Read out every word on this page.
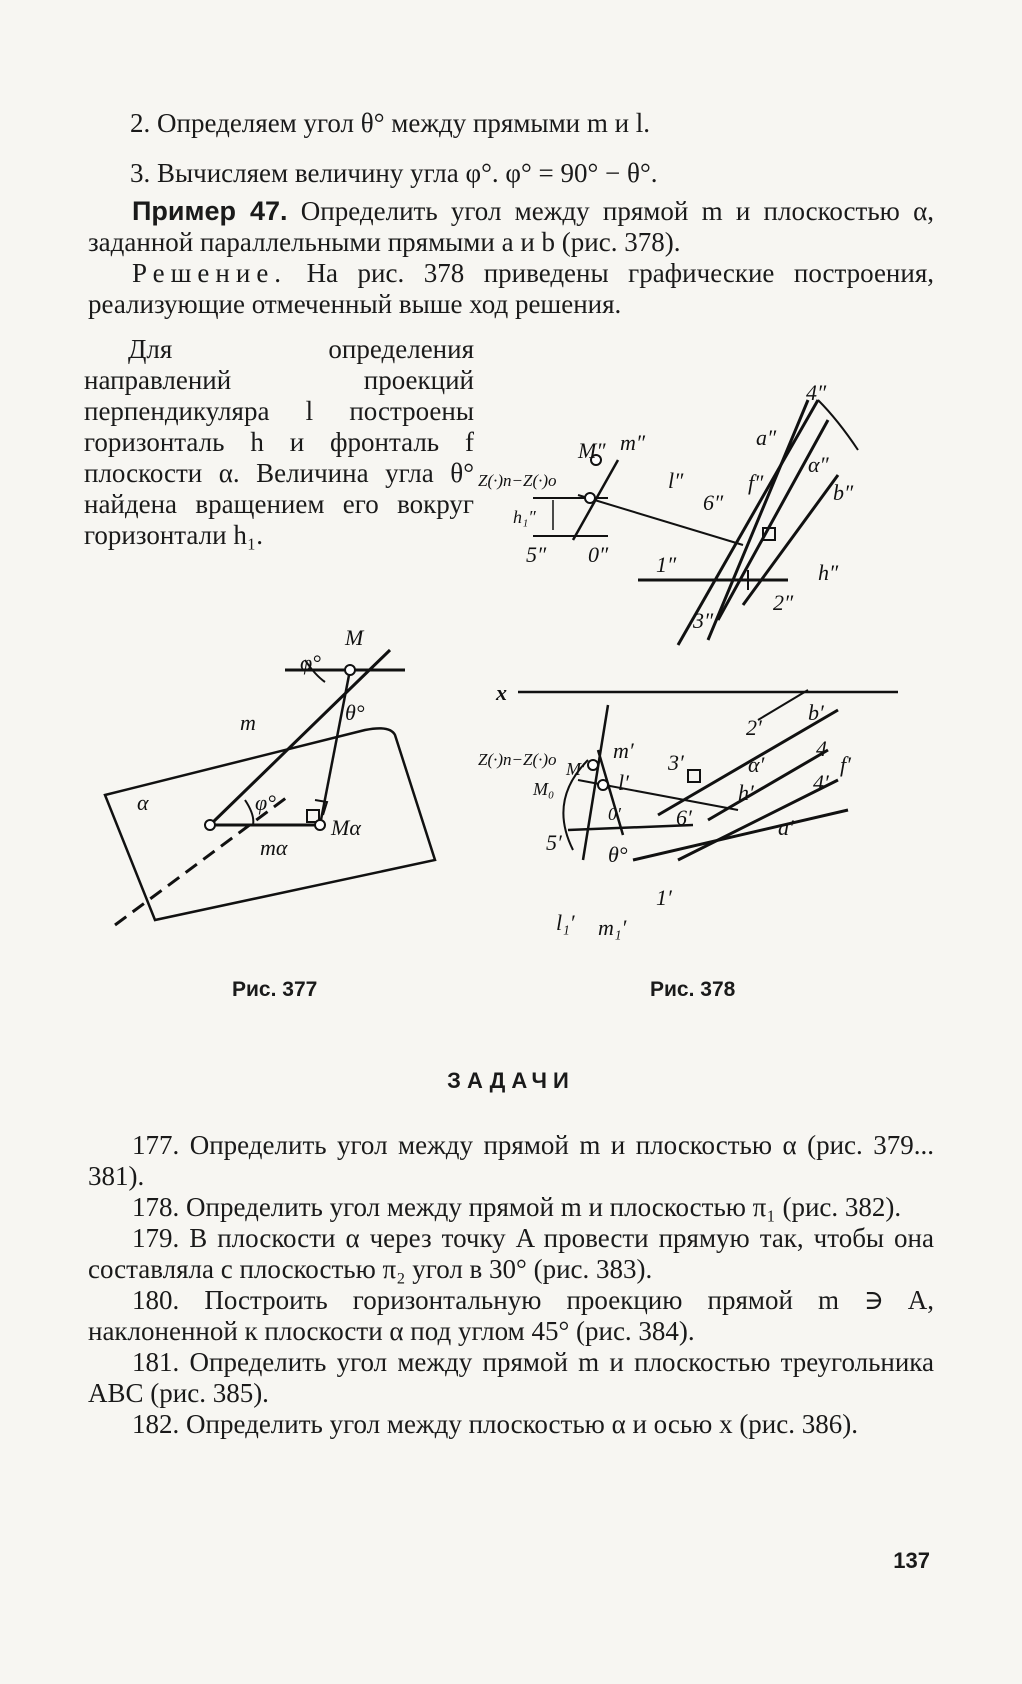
2. Определяем угол θ° между прямыми m и l.
3. Вычисляем величину угла φ°. φ° = 90° − θ°.

Пример 47. Определить угол между прямой m и плоскостью α, заданной параллельными прямыми a и b (рис. 378).

Решение. На рис. 378 приведены графические построения, реализующие отмеченный выше ход решения.

Для определения направлений проекций перпендикуляра l построены горизонталь h и фронталь f плоскости α. Величина угла θ° найдена вращением его вокруг горизонтали h₁.

M
φ°
θ°
m
α	φ°
mα
Mα
4″
a″
α″
b″
M″ m″
Z(·)п−Z(·)о
h₁″
l″
6″
f″
5″ 0″ 1″	h″
2″
3″
x
b′
2′
Z(·)п−Z(·)о M′
m′ 3′	α′
4
f′
4′
M₀	l′	h′
0′	6′	a′
5′ θ°
l₁′ m₁′
1′
Рис. 377	Рис. 378
ЗАДАЧИ

177. Определить угол между прямой m и плоскостью α (рис. 379... 381).

178. Определить угол между прямой m и плоскостью π₁ (рис. 382).

179. В плоскости α через точку A провести прямую так, чтобы она составляла с плоскостью π₂ угол в 30° (рис. 383).

180. Построить горизонтальную проекцию прямой m ∋ A, наклоненной к плоскости α под углом 45° (рис. 384).

181. Определить угол между прямой m и плоскостью треугольника ABC (рис. 385).

182. Определить угол между плоскостью α и осью x (рис. 386).

137
